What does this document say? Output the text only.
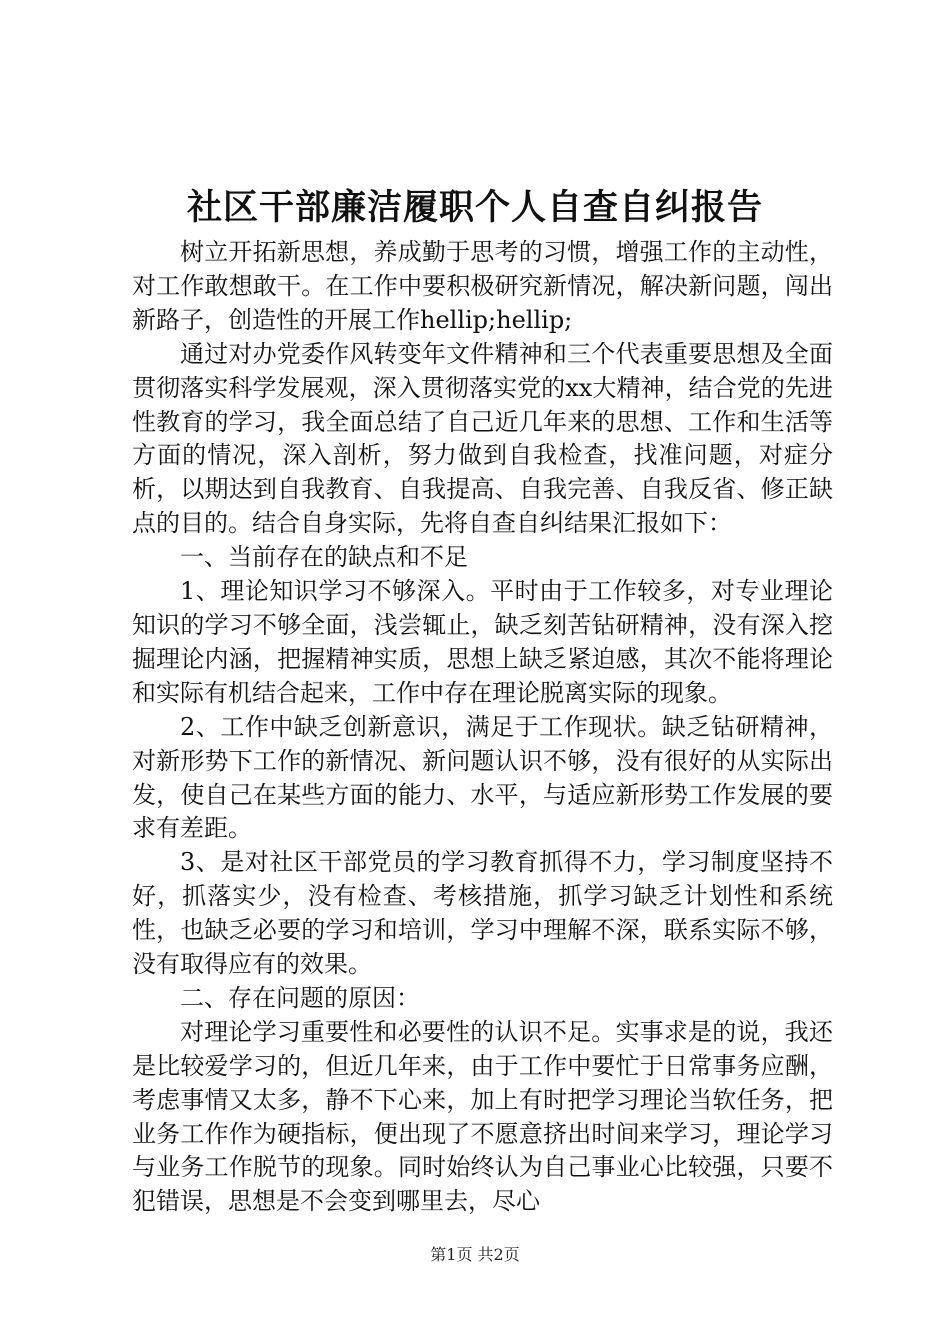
社区干部廉洁履职个人自查自纠报告

树立开拓新思想，养成勤于思考的习惯，增强工作的主动性，对工作敢想敢干。在工作中要积极研究新情况，解决新问题，闯出新路子，创造性的开展工作hellip;hellip;

通过对办党委作风转变年文件精神和三个代表重要思想及全面贯彻落实科学发展观，深入贯彻落实党的xx大精神，结合党的先进性教育的学习，我全面总结了自己近几年来的思想、工作和生活等方面的情况，深入剖析，努力做到自我检查，找准问题，对症分析，以期达到自我教育、自我提高、自我完善、自我反省、修正缺点的目的。结合自身实际，先将自查自纠结果汇报如下：

一、当前存在的缺点和不足

1、理论知识学习不够深入。平时由于工作较多，对专业理论知识的学习不够全面，浅尝辄止，缺乏刻苦钻研精神，没有深入挖掘理论内涵，把握精神实质，思想上缺乏紧迫感，其次不能将理论和实际有机结合起来，工作中存在理论脱离实际的现象。

2、工作中缺乏创新意识，满足于工作现状。缺乏钻研精神，对新形势下工作的新情况、新问题认识不够，没有很好的从实际出发，使自己在某些方面的能力、水平，与适应新形势工作发展的要求有差距。

3、是对社区干部党员的学习教育抓得不力，学习制度坚持不好，抓落实少，没有检查、考核措施，抓学习缺乏计划性和系统性，也缺乏必要的学习和培训，学习中理解不深，联系实际不够，没有取得应有的效果。

二、存在问题的原因：

对理论学习重要性和必要性的认识不足。实事求是的说，我还是比较爱学习的，但近几年来，由于工作中要忙于日常事务应酬，考虑事情又太多，静不下心来，加上有时把学习理论当软任务，把业务工作作为硬指标，便出现了不愿意挤出时间来学习，理论学习与业务工作脱节的现象。同时始终认为自己事业心比较强，只要不犯错误，思想是不会变到哪里去，尽心

第1页 共2页
